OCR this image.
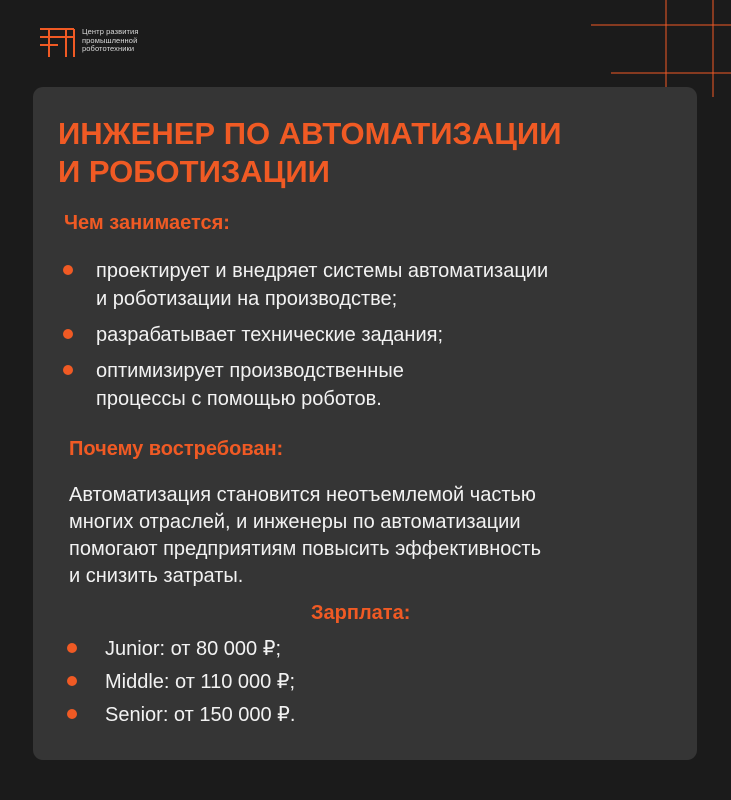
Центр развития
промышленной
робототехники
ИНЖЕНЕР ПО АВТОМАТИЗАЦИИ
И РОБОТИЗАЦИИ
Чем занимается:
проектирует и внедряет системы автоматизации
и роботизации на производстве;
разрабатывает технические задания;
оптимизирует производственные
процессы с помощью роботов.
Почему востребован:
Автоматизация становится неотъемлемой частью
многих отраслей, и инженеры по автоматизации
помогают предприятиям повысить эффективность
и снизить затраты.
Зарплата:
Junior: от 80 000 ₽;
Middle: от 110 000 ₽;
Senior: от 150 000 ₽.
